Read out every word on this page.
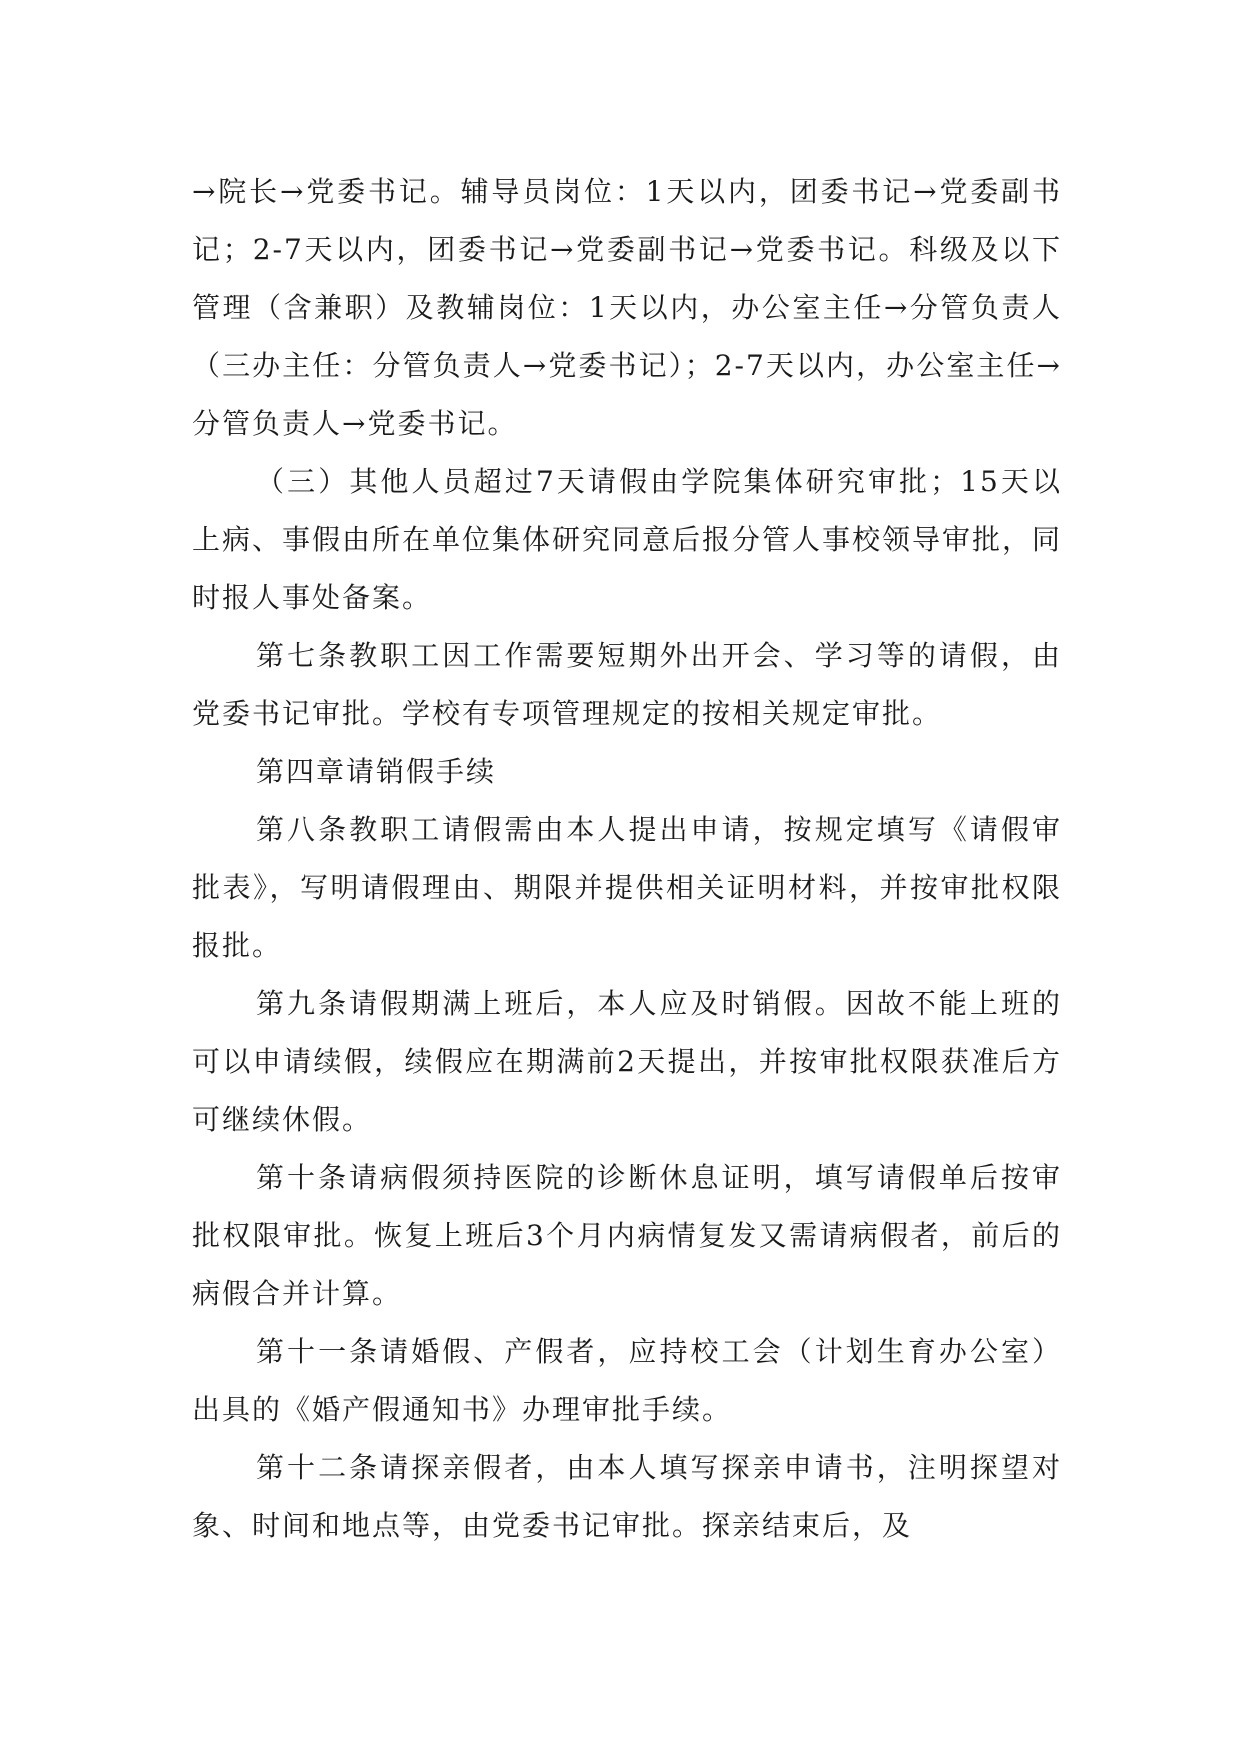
→院长→党委书记。辅导员岗位：1天以内，团委书记→党委副书记；2-7天以内，团委书记→党委副书记→党委书记。科级及以下管理（含兼职）及教辅岗位：1天以内，办公室主任→分管负责人（三办主任：分管负责人→党委书记）；2-7天以内，办公室主任→分管负责人→党委书记。

（三）其他人员超过7天请假由学院集体研究审批；15天以上病、事假由所在单位集体研究同意后报分管人事校领导审批，同时报人事处备案。

第七条教职工因工作需要短期外出开会、学习等的请假，由党委书记审批。学校有专项管理规定的按相关规定审批。

第四章请销假手续

第八条教职工请假需由本人提出申请，按规定填写《请假审批表》，写明请假理由、期限并提供相关证明材料，并按审批权限报批。

第九条请假期满上班后，本人应及时销假。因故不能上班的可以申请续假，续假应在期满前2天提出，并按审批权限获准后方可继续休假。

第十条请病假须持医院的诊断休息证明，填写请假单后按审批权限审批。恢复上班后3个月内病情复发又需请病假者，前后的病假合并计算。

第十一条请婚假、产假者，应持校工会（计划生育办公室）出具的《婚产假通知书》办理审批手续。

第十二条请探亲假者，由本人填写探亲申请书，注明探望对象、时间和地点等，由党委书记审批。探亲结束后，及
